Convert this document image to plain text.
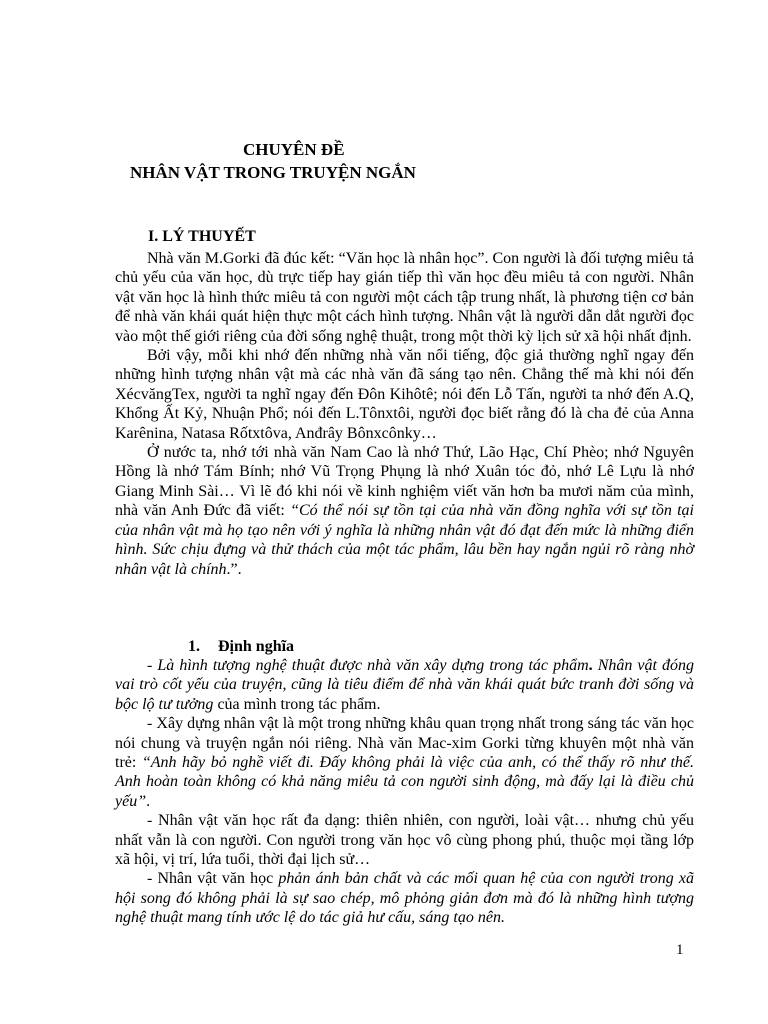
CHUYÊN ĐỀ
NHÂN VẬT TRONG TRUYỆN NGẮN
I. LÝ THUYẾT

Nhà văn M.Gorki đã đúc kết: “Văn học là nhân học”. Con người là đối tượng miêu tả chủ yếu của văn học, dù trực tiếp hay gián tiếp thì văn học đều miêu tả con người. Nhân vật văn học là hình thức miêu tả con người một cách tập trung nhất, là phương tiện cơ bản để nhà văn khái quát hiện thực một cách hình tượng. Nhân vật là người dẫn dắt người đọc vào một thế giới riêng của đời sống nghệ thuật, trong một thời kỳ lịch sử xã hội nhất định.

Bởi vậy, mỗi khi nhớ đến những nhà văn nổi tiếng, độc giả thường nghĩ ngay đến những hình tượng nhân vật mà các nhà văn đã sáng tạo nên. Chẳng thế mà khi nói đến XécvăngTex, người ta nghĩ ngay đến Đôn Kihôtê; nói đến Lỗ Tấn, người ta nhớ đến A.Q, Khổng Ất Kỷ, Nhuận Phổ; nói đến L.Tônxtôi, người đọc biết rằng đó là cha đẻ của Anna Karênina, Natasa Rốtxtôva, Anđrây Bônxcônky…

Ở nước ta, nhớ tới nhà văn Nam Cao là nhớ Thứ, Lão Hạc, Chí Phèo; nhớ Nguyên Hồng là nhớ Tám Bính; nhớ Vũ Trọng Phụng là nhớ Xuân tóc đỏ, nhớ Lê Lựu là nhớ Giang Minh Sài… Vì lẽ đó khi nói về kinh nghiệm viết văn hơn ba mươi năm của mình, nhà văn Anh Đức đã viết: “Có thể nói sự tồn tại của nhà văn đồng nghĩa với sự tồn tại của nhân vật mà họ tạo nên với ý nghĩa là những nhân vật đó đạt đến mức là những điển hình. Sức chịu đựng và thử thách của một tác phẩm, lâu bền hay ngắn ngủi rõ ràng nhờ nhân vật là chính.”.

1. Định nghĩa

- Là hình tượng nghệ thuật được nhà văn xây dựng trong tác phẩm. Nhân vật đóng vai trò cốt yếu của truyện, cũng là tiêu điểm để nhà văn khái quát bức tranh đời sống và bộc lộ tư tưởng của mình trong tác phẩm.

- Xây dựng nhân vật là một trong những khâu quan trọng nhất trong sáng tác văn học nói chung và truyện ngắn nói riêng. Nhà văn Mac-xim Gorki từng khuyên một nhà văn trẻ: “Anh hãy bỏ nghề viết đi. Đấy không phải là việc của anh, có thể thấy rõ như thế. Anh hoàn toàn không có khả năng miêu tả con người sinh động, mà đấy lại là điều chủ yếu”.

- Nhân vật văn học rất đa dạng: thiên nhiên, con người, loài vật… nhưng chủ yếu nhất vẫn là con người. Con người trong văn học vô cùng phong phú, thuộc mọi tầng lớp xã hội, vị trí, lứa tuổi, thời đại lịch sử…

- Nhân vật văn học phản ánh bản chất và các mối quan hệ của con người trong xã hội song đó không phải là sự sao chép, mô phỏng giản đơn mà đó là những hình tượng nghệ thuật mang tính ước lệ do tác giả hư cấu, sáng tạo nên.

1
